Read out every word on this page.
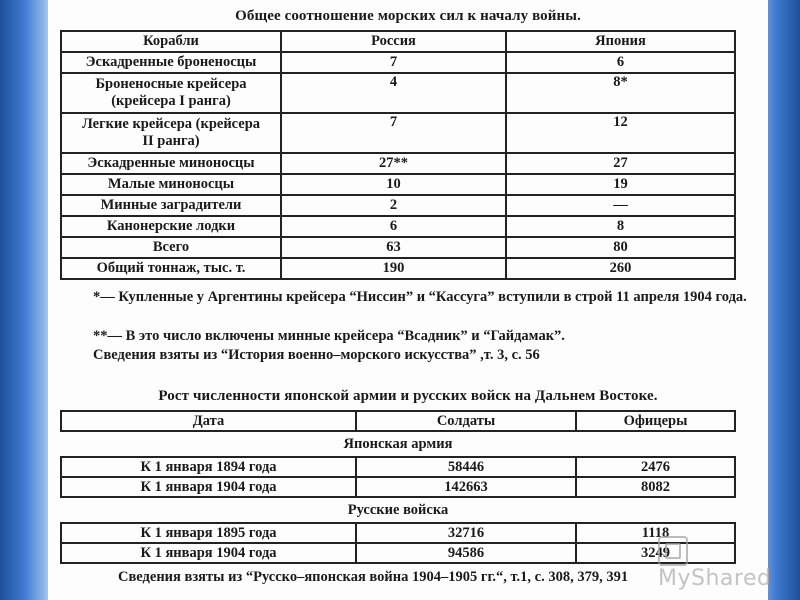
Общее соотношение морских сил к началу войны.
Корабли	Россия	Япония
Эскадренные броненосцы	7	6
Броненосные крейсера
(крейсера I ранга)	4	8*
Легкие крейсера (крейсера
II ранга)	7	12
Эскадренные миноносцы	27**	27
Малые миноносцы	10	19
Минные заградители	2	—
Канонерские лодки	6	8
Всего	63	80
Общий тоннаж, тыс. т.	190	260
*— Купленные у Аргентины крейсера “Ниссин” и “Кассуга” вступили в строй 11 апреля 1904 года.
**— В это число включены минные крейсера “Всадник” и “Гайдамак”.
Сведения взяты из “История военно–морского искусства” ,т. 3, с. 56
Рост численности японской армии и русских войск на Дальнем Востоке.
Дата	Солдаты	Офицеры
Японская армия
К 1 января 1894 года	58446	2476
К 1 января 1904 года	142663	8082
Русские войска
К 1 января 1895 года	32716	1118
К 1 января 1904 года	94586	3249
Сведения взяты из “Русско–японская война 1904–1905 гг.“, т.1, с. 308, 379, 391	MyShared
